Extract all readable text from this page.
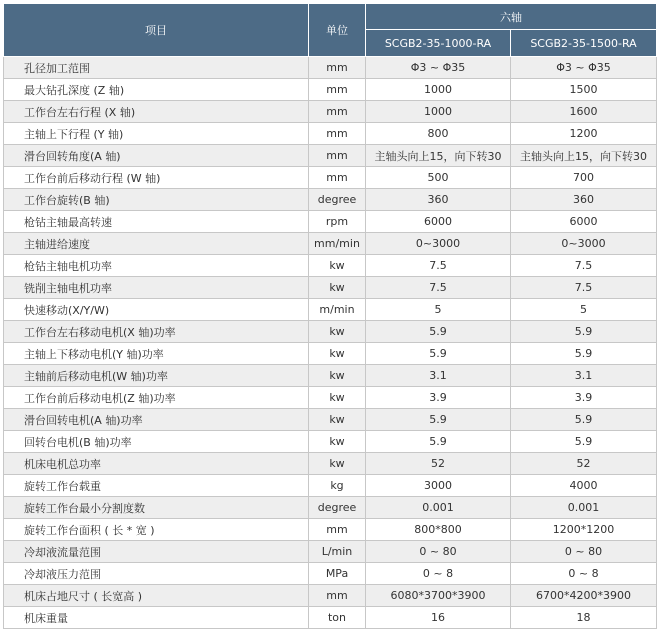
项目	单位	六轴	
		SCGB2-35-1000-RA	SCGB2-35-1500-RA
孔径加工范围	mm	Φ3 ~ Φ35	Φ3 ~ Φ35
最大钻孔深度 (Z 轴)	mm	1000	1500
工作台左右行程 (X 轴)	mm	1000	1600
主轴上下行程 (Y 轴)	mm	800	1200
滑台回转角度(A 轴)	mm	主轴头向上15，向下转30	主轴头向上15，向下转30
工作台前后移动行程 (W 轴)	mm	500	700
工作台旋转(B 轴)	degree	360	360
枪钻主轴最高转速	rpm	6000	6000
主轴进给速度	mm/min	0~3000	0~3000
枪钻主轴电机功率	kw	7.5	7.5
铣削主轴电机功率	kw	7.5	7.5
快速移动(X/Y/W)	m/min	5	5
工作台左右移动电机(X 轴)功率	kw	5.9	5.9
主轴上下移动电机(Y 轴)功率	kw	5.9	5.9
主轴前后移动电机(W 轴)功率	kw	3.1	3.1
工作台前后移动电机(Z 轴)功率	kw	3.9	3.9
滑台回转电机(A 轴)功率	kw	5.9	5.9
回转台电机(B 轴)功率	kw	5.9	5.9
机床电机总功率	kw	52	52
旋转工作台载重	kg	3000	4000
旋转工作台最小分割度数	degree	0.001	0.001
旋转工作台面积 ( 长 * 宽 )	mm	800*800	1200*1200
冷却液流量范围	L/min	0 ~ 80	0 ~ 80
冷却液压力范围	MPa	0 ~ 8	0 ~ 8
机床占地尺寸 ( 长宽高 )	mm	6080*3700*3900	6700*4200*3900
机床重量	ton	16	18
